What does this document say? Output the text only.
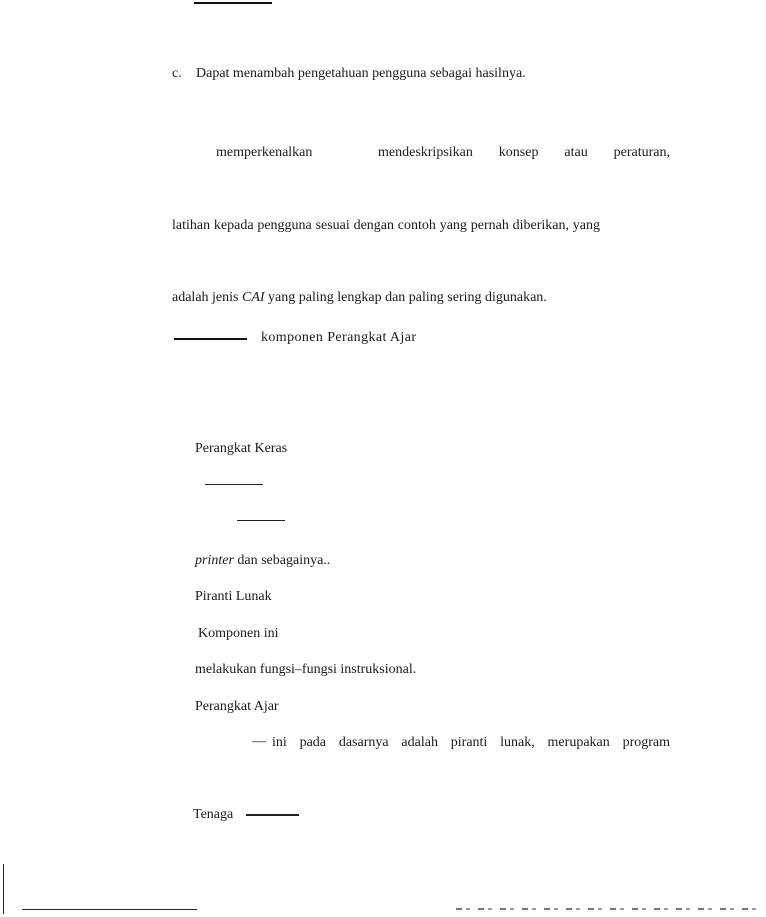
c. Dapat menambah pengetahuan pengguna sebagai hasilnya.
memperkenalkan	mendeskripsikan konsep atau peraturan,
latihan kepada pengguna sesuai dengan contoh yang pernah diberikan, yang
adalah jenis CAI yang paling lengkap dan paling sering digunakan.
komponen Perangkat Ajar
Perangkat Keras
printer dan sebagainya..
Piranti Lunak
Komponen ini
melakukan fungsi–fungsi instruksional.
Perangkat Ajar
— ini pada dasarnya adalah piranti lunak, merupakan program
Tenaga
